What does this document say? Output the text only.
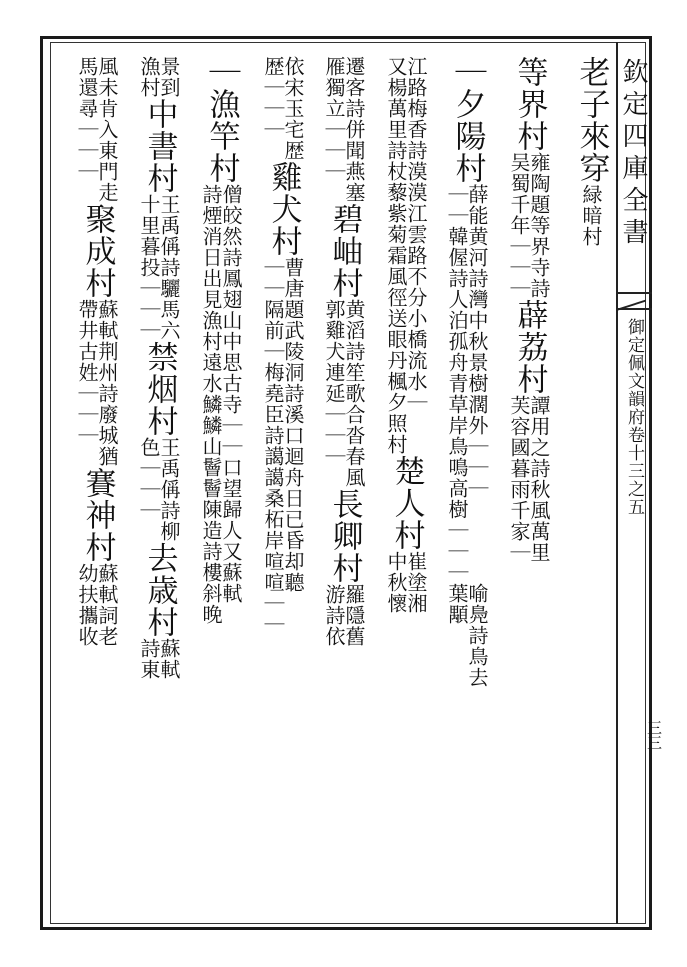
欽定四庫全書
御定佩文韻府卷十三之五
三三
老子來穿
緑暗村
等界村
雍陶題等界寺詩
吴蜀千年｜｜｜
薜荔村
譚用之詩秋風萬里
芙容國暮雨千家｜
｜夕陽村
薛能黄河詩灣中秋景樹濶外｜｜｜
｜｜韓偓詩人泊孤舟青草岸鳥鳴高樹｜｜｜
喻鳧詩鳥去
葉顒
江路梅香詩漠漠江雲路不分小橋流水｜
又楊萬里詩杖藜紫菊霜風徑送眼丹楓夕照村
楚人村
崔塗湘
中秋懷
遷客詩併聞燕塞
雁獨立｜｜｜
碧岫村
黄滔詩笙歌合沓春風
郭雞犬連延｜｜｜
長卿村
羅隱舊
游詩依
依宋玉宅歴
歴｜｜｜
雞犬村
曹唐題武陵洞詩溪口迴舟日已昏却聽
｜｜隔前｜梅堯臣詩譪譪桑柘岸喧喧｜｜
｜漁竿村
僧皎然詩鳳翅山中思古寺｜｜口望歸人又蘇軾
詩煙消日出見漁村遠水鱗鱗山鬙鬙陳造詩樓斜晚
景到
漁村
中書村
王禹偁詩驪馬六
十里暮投｜｜｜
禁烟村
王禹偁詩柳
色｜｜｜
去歳村
蘇軾
詩東
風未肯入東門走
馬還尋｜｜｜
聚成村
蘇軾荆州詩廢城猶
帶井古姓｜｜｜
賽神村
蘇軾詞老
幼扶攜收
